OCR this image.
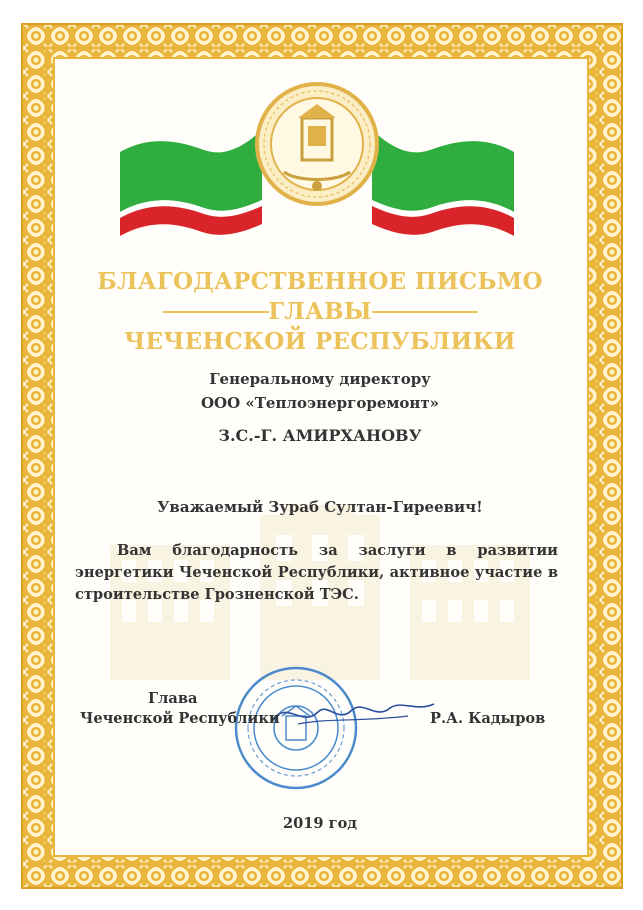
БЛАГОДАРСТВЕННОЕ ПИСЬМО
ГЛАВЫ
ЧЕЧЕНСКОЙ РЕСПУБЛИКИ
Генеральному директору
ООО «Теплоэнергоремонт»
З.С.-Г. АМИРХАНОВУ
Уважаемый Зураб Султан-Гиреевич!

Вам благодарность за заслуги в развитии энергетики Чеченской Республики, активное участие в строительстве Грозненской ТЭС.

Глава
Чеченской Республики	Р.А. Кадыров
2019 год
